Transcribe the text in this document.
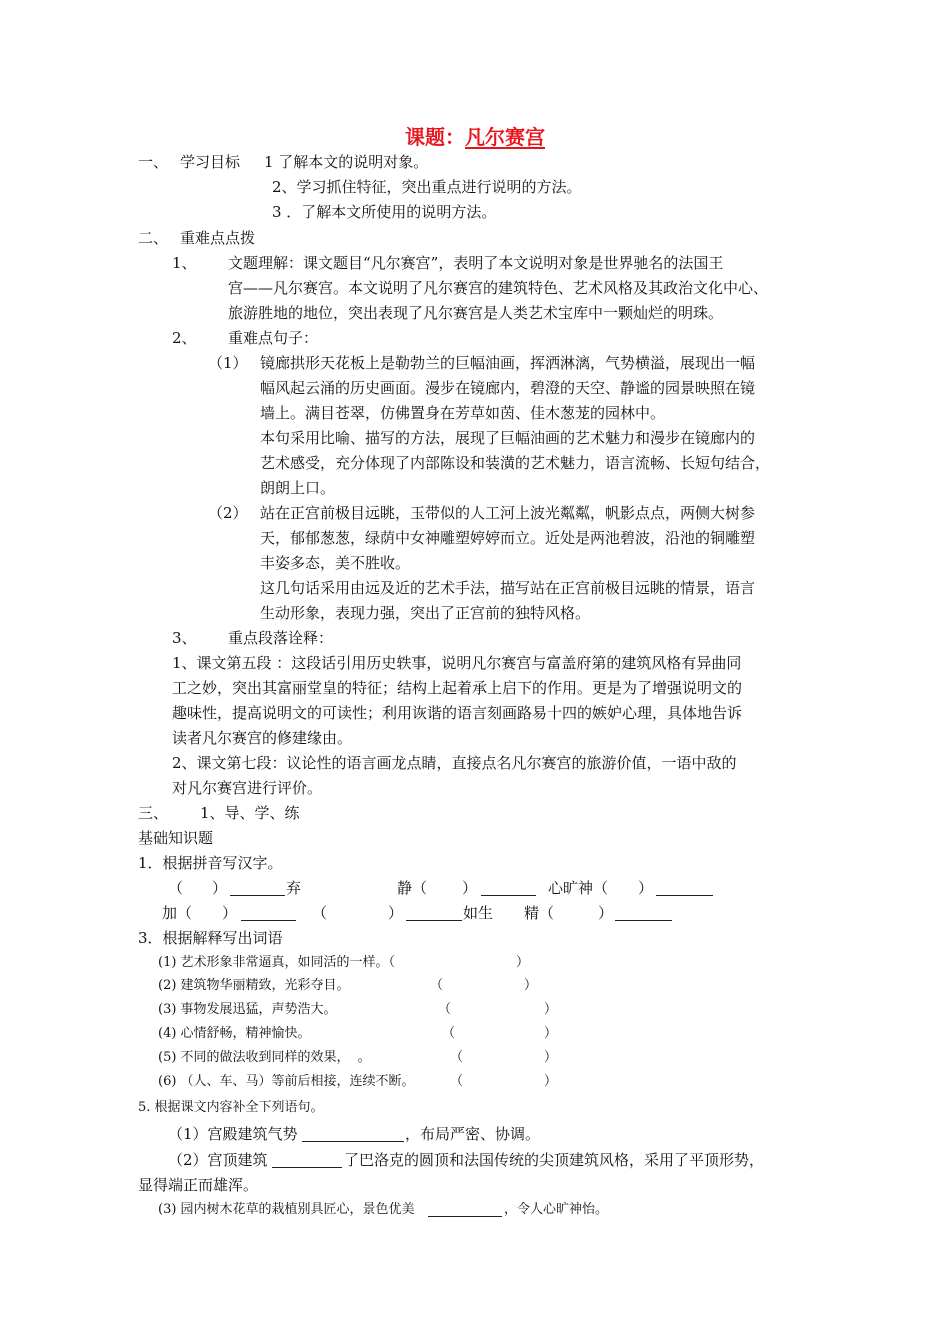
课题：凡尔赛宫
一、 学习目标 1 了解本文的说明对象。
2、学习抓住特征，突出重点进行说明的方法。
3 ．了解本文所使用的说明方法。
二、 重难点点拨
1、 文题理解：课文题目“凡尔赛宫”，表明了本文说明对象是世界驰名的法国王
宫——凡尔赛宫。本文说明了凡尔赛宫的建筑特色、艺术风格及其政治文化中心、
旅游胜地的地位，突出表现了凡尔赛宫是人类艺术宝库中一颗灿烂的明珠。
2、 重难点句子：
（1） 镜廊拱形天花板上是勒勃兰的巨幅油画，挥洒淋漓，气势横溢，展现出一幅
幅风起云涌的历史画面。漫步在镜廊内，碧澄的天空、静谧的园景映照在镜
墙上。满目苍翠，仿佛置身在芳草如茵、佳木葱茏的园林中。
本句采用比喻、描写的方法，展现了巨幅油画的艺术魅力和漫步在镜廊内的
艺术感受，充分体现了内部陈设和装潢的艺术魅力，语言流畅、长短句结合，
朗朗上口。
（2） 站在正宫前极目远眺，玉带似的人工河上波光粼粼，帆影点点，两侧大树参
天，郁郁葱葱，绿荫中女神雕塑婷婷而立。近处是两池碧波，沿池的铜雕塑
丰姿多态，美不胜收。
这几句话采用由远及近的艺术手法，描写站在正宫前极目远眺的情景，语言
生动形象，表现力强，突出了正宫前的独特风格。
3、 重点段落诠释：
1、课文第五段 ：这段话引用历史轶事，说明凡尔赛宫与富盖府第的建筑风格有异曲同
工之妙，突出其富丽堂皇的特征；结构上起着承上启下的作用。更是为了增强说明文的
趣味性，提高说明文的可读性；利用诙谐的语言刻画路易十四的嫉妒心理，具体地告诉
读者凡尔赛宫的修建缘由。
2、课文第七段：议论性的语言画龙点睛，直接点名凡尔赛宫的旅游价值，一语中敌的
对凡尔赛宫进行评价。
三、 1、导、学、练
基础知识题
1．根据拼音写汉字。
（ ）	弃	静（ ）	心旷神（ ）
加（ ）	（	）	如生 精（	）
3．根据解释写出词语
(1) 艺术形象非常逼真，如同活的一样。（	）
(2) 建筑物华丽精致，光彩夺目。	（	）
(3) 事物发展迅猛，声势浩大。	（	）
(4) 心情舒畅，精神愉快。	（	）
(5) 不同的做法收到同样的效果，  。	（	）
(6) （人、车、马）等前后相接，连续不断。	（	）
5. 根据课文内容补全下列语句。
（1）宫殿建筑气势	，布局严密、协调。
（2）宫顶建筑	了巴洛克的圆顶和法国传统的尖顶建筑风格，采用了平顶形势，
显得端正而雄浑。
(3) 园内树木花草的栽植别具匠心，景色优美	，令人心旷神怡。
